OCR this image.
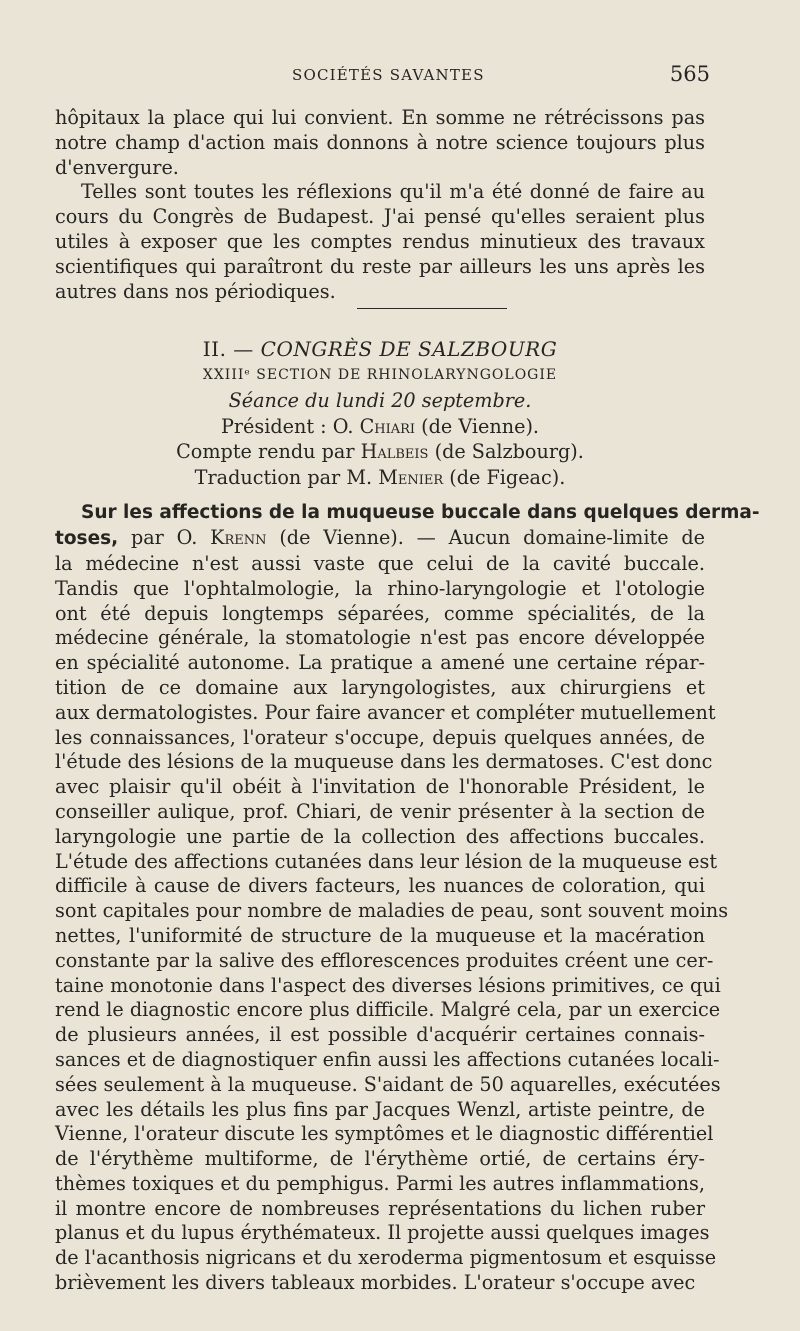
SOCIÉTÉS SAVANTES	565

hôpitaux la place qui lui convient. En somme ne rétrécissons pas
notre champ d'action mais donnons à notre science toujours plus
d'envergure.

Telles sont toutes les réflexions qu'il m'a été donné de faire au
cours du Congrès de Budapest. J'ai pensé qu'elles seraient plus
utiles à exposer que les comptes rendus minutieux des travaux
scientifiques qui paraîtront du reste par ailleurs les uns après les
autres dans nos périodiques.

II. — CONGRÈS DE SALZBOURG
XXIIIᵉ SECTION DE RHINOLARYNGOLOGIE
Séance du lundi 20 septembre.
Président : O. Chiari (de Vienne).
Compte rendu par Halbeis (de Salzbourg).
Traduction par M. Menier (de Figeac).

Sur les affections de la muqueuse buccale dans quelques derma-
toses, par O. Krenn (de Vienne). — Aucun domaine-limite de
la médecine n'est aussi vaste que celui de la cavité buccale.
Tandis que l'ophtalmologie, la rhino-laryngologie et l'otologie
ont été depuis longtemps séparées, comme spécialités, de la
médecine générale, la stomatologie n'est pas encore développée
en spécialité autonome. La pratique a amené une certaine répar-
tition de ce domaine aux laryngologistes, aux chirurgiens et
aux dermatologistes. Pour faire avancer et compléter mutuellement
les connaissances, l'orateur s'occupe, depuis quelques années, de
l'étude des lésions de la muqueuse dans les dermatoses. C'est donc
avec plaisir qu'il obéit à l'invitation de l'honorable Président, le
conseiller aulique, prof. Chiari, de venir présenter à la section de
laryngologie une partie de la collection des affections buccales.
L'étude des affections cutanées dans leur lésion de la muqueuse est
difficile à cause de divers facteurs, les nuances de coloration, qui
sont capitales pour nombre de maladies de peau, sont souvent moins
nettes, l'uniformité de structure de la muqueuse et la macération
constante par la salive des efflorescences produites créent une cer-
taine monotonie dans l'aspect des diverses lésions primitives, ce qui
rend le diagnostic encore plus difficile. Malgré cela, par un exercice
de plusieurs années, il est possible d'acquérir certaines connais-
sances et de diagnostiquer enfin aussi les affections cutanées locali-
sées seulement à la muqueuse. S'aidant de 50 aquarelles, exécutées
avec les détails les plus fins par Jacques Wenzl, artiste peintre, de
Vienne, l'orateur discute les symptômes et le diagnostic différentiel
de l'érythème multiforme, de l'érythème ortié, de certains éry-
thèmes toxiques et du pemphigus. Parmi les autres inflammations,
il montre encore de nombreuses représentations du lichen ruber
planus et du lupus érythémateux. Il projette aussi quelques images
de l'acanthosis nigricans et du xeroderma pigmentosum et esquisse
brièvement les divers tableaux morbides. L'orateur s'occupe avec
